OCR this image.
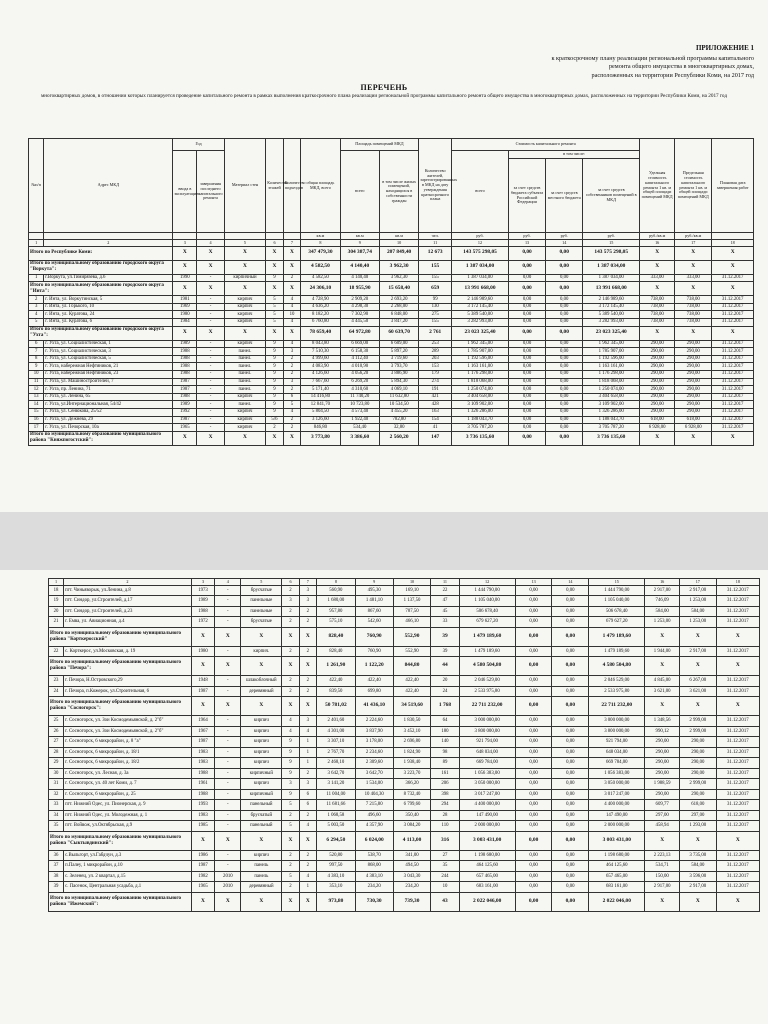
ПРИЛОЖЕНИЕ 1
к краткосрочному плану реализации региональной программы капитального
ремонта общего имущества в многоквартирных домах,
расположенных на территории Республики Коми, на 2017 год
ПЕРЕЧЕНЬ
многоквартирных домов, в отношении которых планируется проведение капитального ремонта в рамках выполнения краткосрочного плана реализации региональной программы капитального ремонта общего имущества в многоквартирных домах, расположенных на территории Республики Коми, на 2017 год
№п/п	Адрес МКД	Год		Материал стен	Количество этажей	Количество подъездов	общая площадь МКД, всего	Площадь помещений МКД		Количество жителей, зарегистрированных в МКД на дату утверждения краткосрочного плана	Стоимость капитального ремонта				Удельная стоимость капитального ремонта 1 кв. м общей площади помещений МКД	Предельная стоимость капитального ремонта 1 кв. м общей площади помещений МКД	Плановая дата завершения работ
		ввода в эксплуатацию	завершения последнего капитального ремонта					всего	в том числе жилых помещений, находящихся в собственности граждан		всего	в том числе:					
												за счет средств бюджета субъекта Российской Федерации	за счет средств местного бюджета	за счет средств собственников помещений в МКД			
							кв.м	кв.м	кв.м	чел.	руб.	руб.	руб.	руб.	руб./кв.м	руб./кв.м	
1	2	3	4	5	6	7	8	9	10	11	12	13	14	15	16	17	18
Итого по Республике Коми:		X	X	X	X	X	347 479,30	304 387,74	207 849,40	12 673	143 575 298,05	0,00	0,00	143 575 298,05	X	X	X
Итого по муниципальному образованию городского округа "Воркута":		X	X	X	X	X	4 582,50	4 140,40	3 962,30	155	1 387 034,00	0,00	0,00	1 387 034,00	X	X	X
1	г.Воркута, ул.Тимирязева, д.6	1990	-	кирпичный	9	2	4 582,50	4 140,40	3 962,30	155	1 387 034,00	0,00	0,00	1 387 034,00	333,00	333,00	31.12.2017
Итого по муниципальному образованию городского округа "Инта":		X	X	X	X	X	24 306,10	18 955,90	15 658,40	659	13 991 668,00	0,00	0,00	13 991 668,00	X	X	X
2	г. Инта, ул. Воркутинская, 5	1981	-	кирпич	5	4	4 728,90	2 909,20	2 693,20	99	2 146 989,60	0,00	0,00	2 146 989,60	738,00	738,00	31.12.2017
3	г. Инта, ул. Горького, 10	1969	-	кирпич	5	4	4 636,20	4 298,30	2 268,00	130	3 172 145,40	0,00	0,00	3 172 145,40	738,00	738,00	31.12.2017
4	г. Инта, ул. Куратова, 24	1980	-	кирпич	5	10	8 182,20	7 302,90	6 848,00	275	5 389 540,00	0,00	0,00	5 389 540,00	738,00	738,00	31.12.2017
5	г. Инта, ул. Куратова, 6	1984	-	кирпич	5	4	6 760,80	4 445,50	3 847,20	155	3 282 993,00	0,00	0,00	3 282 993,00	738,00	738,00	31.12.2017
Итого по муниципальному образованию городского округа "Ухта":		X	X	X	X	X	78 659,40	64 972,80	60 639,70	2 761	23 023 325,40	0,00	0,00	23 023 325,40	X	X	X
6	г. Ухта, ул. Социалистическая, 1	1989	-	кирпич	9	4	8 043,80	6 669,00	6 609,00	253	1 962 345,00	0,00	0,00	1 962 345,00	290,00	290,00	31.12.2017
7	г. Ухта, ул. Социалистическая, 3	1988	-	панел.	9	3	7 510,30	6 158,30	5 897,20	289	1 785 907,00	0,00	0,00	1 785 907,00	290,00	290,00	31.12.2017
8	г. Ухта, ул. Социалистическая, 5	1988	-	панел.	9	2	4 999,60	4 112,40	3 719,60	203	1 192 596,00	0,00	0,00	1 192 596,00	290,00	290,00	31.12.2017
9	г. Ухта, набережная Нефтяников, 21	1988	-	панел.	9	2	4 083,90	4 010,90	3 793,70	153	1 163 161,00	0,00	0,00	1 163 161,00	290,00	290,00	31.12.2017
10	г. Ухта, набережная Нефтяников, 23	1988	-	панел.	9	2	4 126,60	4 056,20	3 886,90	179	1 176 298,00	0,00	0,00	1 176 298,00	290,00	290,00	31.12.2017
11	г. Ухта, ул. Машиностроителей, 7	1987	-	панел.	9	3	7 667,60	6 269,20	5 894,30	274	1 818 068,00	0,00	0,00	1 818 068,00	290,00	290,00	31.12.2017
12	г. Ухта, пр. Ленина, 71	1987	-	панел.	9	2	5 171,40	4 310,60	4 069,10	191	1 250 074,00	0,00	0,00	1 250 074,00	290,00	290,00	31.12.2017
13	г. Ухта, ул. Ленина, 65	1988	-	кирпич	9	6	14 416,80	11 740,20	11 632,80	421	3 404 658,00	0,00	0,00	3 404 658,00	290,00	290,00	31.12.2017
14	г. Ухта, ул.Интернациональная, 54/42	1989	-	панел.	9	5	12 841,70	10 723,80	10 534,50	428	3 109 902,00	0,00	0,00	3 109 902,00	290,00	290,00	31.12.2017
15	г. Ухта, ул. Сенюкова, 25/52	1992	-	кирпич	9	4	5 804,50	4 573,40	4 455,20	163	1 326 286,00	0,00	0,00	1 326 286,00	290,00	290,00	31.12.2017
16	г. Ухта, ул. Дежнева, 29	1987	-	кирпич	5/6	2	3 126,60	1 922,40	782,80	154	1 188 043,70	0,00	0,00	1 188 043,70	618,00	618,00	31.12.2017
17	г. Ухта, ул. Печорская, 10а	1965	-	кирпич	2	2	846,80	534,40	32,80	41	3 705 787,20	0,00	0,00	3 705 787,20	6 928,00	6 928,00	31.12.2017
Итого по муниципальному образованию муниципального района "Княжпогостский":		X	X	X	X	X	3 773,80	3 386,60	2 560,20	147	3 736 135,60	0,00	0,00	3 736 135,60	X	X	X
1	2	3	4	5	6	7	8	9	10	11	12	13	14	15	16	17	18
18	пгт. Чиньяворык, ул.Ленина, д.8	1973	-	брусчатые	2	3	560,90	495,30	169,10	22	1 444 790,00	0,00	0,00	1 444 790,00	2 917,00	2 917,00	31.12.2017
19	пгт. Синдор, ул.Строителей, д.17	1989	-	панельные	3	3	1 680,00	1 481,10	1 137,50	47	1 105 040,00	0,00	0,00	1 105 040,00	746,09	1 253,00	31.12.2017
20	пгт. Синдор, ул.Строителей, д.23	1988	-	панельные	2	2	957,80	867,60	787,50	45	506 678,40	0,00	0,00	506 678,40	584,00	584,00	31.12.2017
21	г. Емва, ул. Авиационная, д.4	1972	-	брусчатые	2	2	575,10	542,60	466,10	33	679 627,20	0,00	0,00	679 627,20	1 253,00	1 253,00	31.12.2017
Итого по муниципальному образованию муниципального района "Корткеросский"		X	X	X	X	X	828,40	760,90	552,90	39	1 479 189,60	0,00	0,00	1 479 189,60	X	X	X
22	с. Корткерос, ул.Московская, д. 19	1980	-	кирпич.	2	2	828,40	760,90	552,90	39	1 479 189,60	0,00	0,00	1 479 189,60	1 944,00	2 917,00	31.12.2017
Итого по муниципальному образованию муниципального района "Печора":		X	X	X	X	X	1 261,90	1 122,20	844,80	44	4 580 504,80	0,00	0,00	4 580 504,80	X	X	X
23	г. Печора, Н.Островского,29	1948	-	шлакоблочный	2	2	422,40	422,40	422,40	20	2 046 529,00	0,00	0,00	2 046 529,00	4 845,00	6 267,00	31.12.2017
24	г. Печора, п.Кожерок, ул.Строительная, 6	1987	-	деревянный	2	2	839,50	699,80	422,40	24	2 533 975,80	0,00	0,00	2 533 975,80	3 621,00	3 621,00	31.12.2017
Итого по муниципальному образованию муниципального района "Сосногорск":		X	X	X	X	X	50 781,02	41 436,10	34 519,60	1 768	22 711 232,00	0,00	0,00	22 711 232,00	X	X	X
25	г. Сосногорск, ул. Зои Космодемьянской, д. 2"б"	1964	-	кирпич	4	3	2 401,60	2 224,60	1 830,50	64	3 000 000,00	0,00	0,00	3 000 000,00	1 348,56	2 999,00	31.12.2017
26	г. Сосногорск, ул. Зои Космодемьянской, д. 2"б"	1967	-	кирпич	4	4	4 301,00	3 837,90	3 452,10	180	3 800 000,00	0,00	0,00	3 800 000,00	990,12	2 999,00	31.12.2017
27	г. Сосногорск, 6 микрорайон, д. 8 "а"	1987	-	кирпич	9	1	3 307,10	3 178,00	2 696,80	140	921 794,00	0,00	0,00	921 794,00	290,00	290,00	31.12.2017
28	г. Сосногорск, 6 микрорайон, д. 18/1	1983	-	кирпич	9	1	2 767,70	2 234,60	1 824,90	98	648 034,00	0,00	0,00	648 034,00	290,00	290,00	31.12.2017
29	г. Сосногорск, 6 микрорайон, д. 18/2	1983	-	кирпич	9	1	2 468,10	2 309,60	1 938,40	89	669 784,00	0,00	0,00	669 784,00	290,00	290,00	31.12.2017
30	г. Сосногорск, ул. Лесная, д. 3а	1988	-	кирпичный	9	2	3 642,70	3 642,70	3 223,70	161	1 056 383,00	0,00	0,00	1 056 383,00	290,00	290,00	31.12.2017
31	г. Сосногорск, ул. 40 лет Коми, д. 7	1961	-	кирпич	3	3	3 141,20	1 534,00	366,20	206	3 050 000,00	0,00	0,00	3 050 000,00	1 988,59	2 999,00	31.12.2017
32	г. Сосногорск, 6 микрорайон, д. 25	1988	-	кирпичный	9	6	11 004,00	10 404,30	8 732,40	398	3 017 247,00	0,00	0,00	3 017 247,00	290,00	290,00	31.12.2017
33	пгт. Нижний Одес, ул. Пионерская, д. 9	1993	-	панельный	5	6	11 681,66	7 215,80	6 799,60	294	4 400 000,00	0,00	0,00	4 400 000,00	609,77	618,00	31.12.2017
34	пгт. Нижний Одес, ул. Молодежная, д. 1	1983	-	брусчатый	2	2	1 068,58	496,60	350,40	28	147 490,00	0,00	0,00	147 490,00	297,00	297,00	31.12.2017
35	пгт. Войвож, ул.Октябрьская, д.9	1985	-	панельный	5	4	5 003,50	4 357,90	3 084,20	110	2 000 000,00	0,00	0,00	2 000 000,00	458,94	1 293,00	31.12.2017
Итого по муниципальному образованию муниципального района "Сыктывдинский":		X	X	X	X	X	6 294,50	6 024,00	4 113,00	316	3 003 431,00	0,00	0,00	3 003 431,00	X	X	X
36	с.Выльгорт, ул.Габдчун, д.3	1986	-	кирпич	2	2	520,80	538,70	341,00	27	1 198 680,00	0,00	0,00	1 198 680,00	2 223,13	3 735,00	31.12.2017
37	п.Палеу, 1 микрорайон, д.10	1987	-	панель	2	2	997,50	868,00	494,50	35	464 125,60	0,00	0,00	464 125,60	534,71	584,00	31.12.2017
38	с. Зеленец, ул. 2 квартал, д.15	1982	2010	панель	5	4	4 383,10	4 383,10	3 043,30	244	657 465,00	0,00	0,00	657 465,00	150,00	3 596,00	31.12.2017
39	с. Пасенок, Центральная усадьба, д.1	1965	2010	деревянный	2	1	353,10	234,20	234,20	10	683 161,00	0,00	0,00	683 161,00	2 917,00	2 917,00	31.12.2017
Итого по муниципальному образованию муниципального района "Ижемский":		X	X	X	X	X	973,80	730,30	739,30	43	2 022 046,00	0,00	0,00	2 022 046,00	X	X	X
